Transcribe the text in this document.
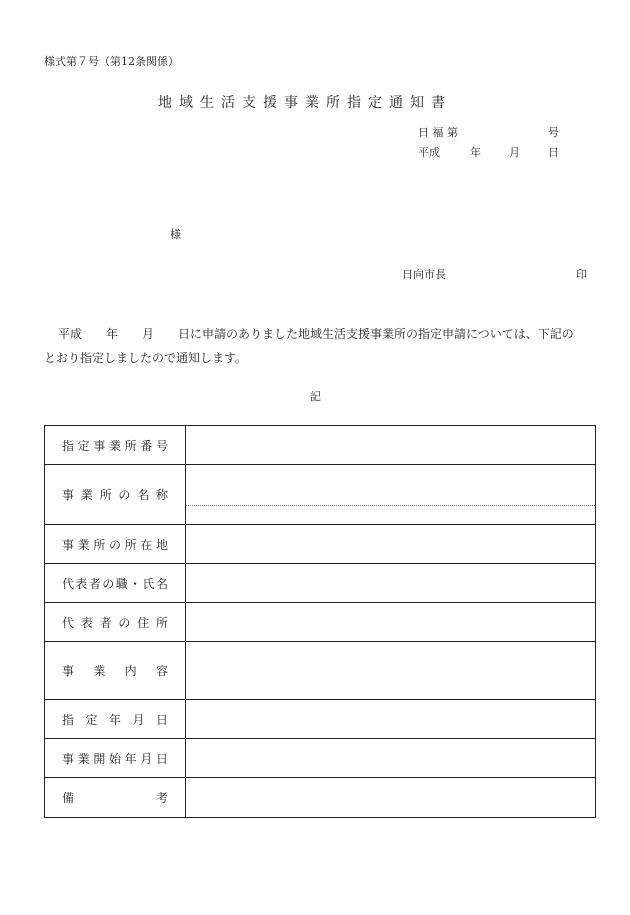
様式第７号（第12条関係）
地域生活支援事業所指定通知書
日 福 第	号
平成	年	月	日
様
日向市長	印
平成　　年　　月　　日に申請のありました地域生活支援事業所の指定申請については、下記の
とおり指定しましたので通知します。
記
指定事業所番号	
事業所の名称	

事業所の所在地	
代表者の職・氏名	
代表者の住所	
事業内容	
指定年月日	
事業開始年月日	
備考	
